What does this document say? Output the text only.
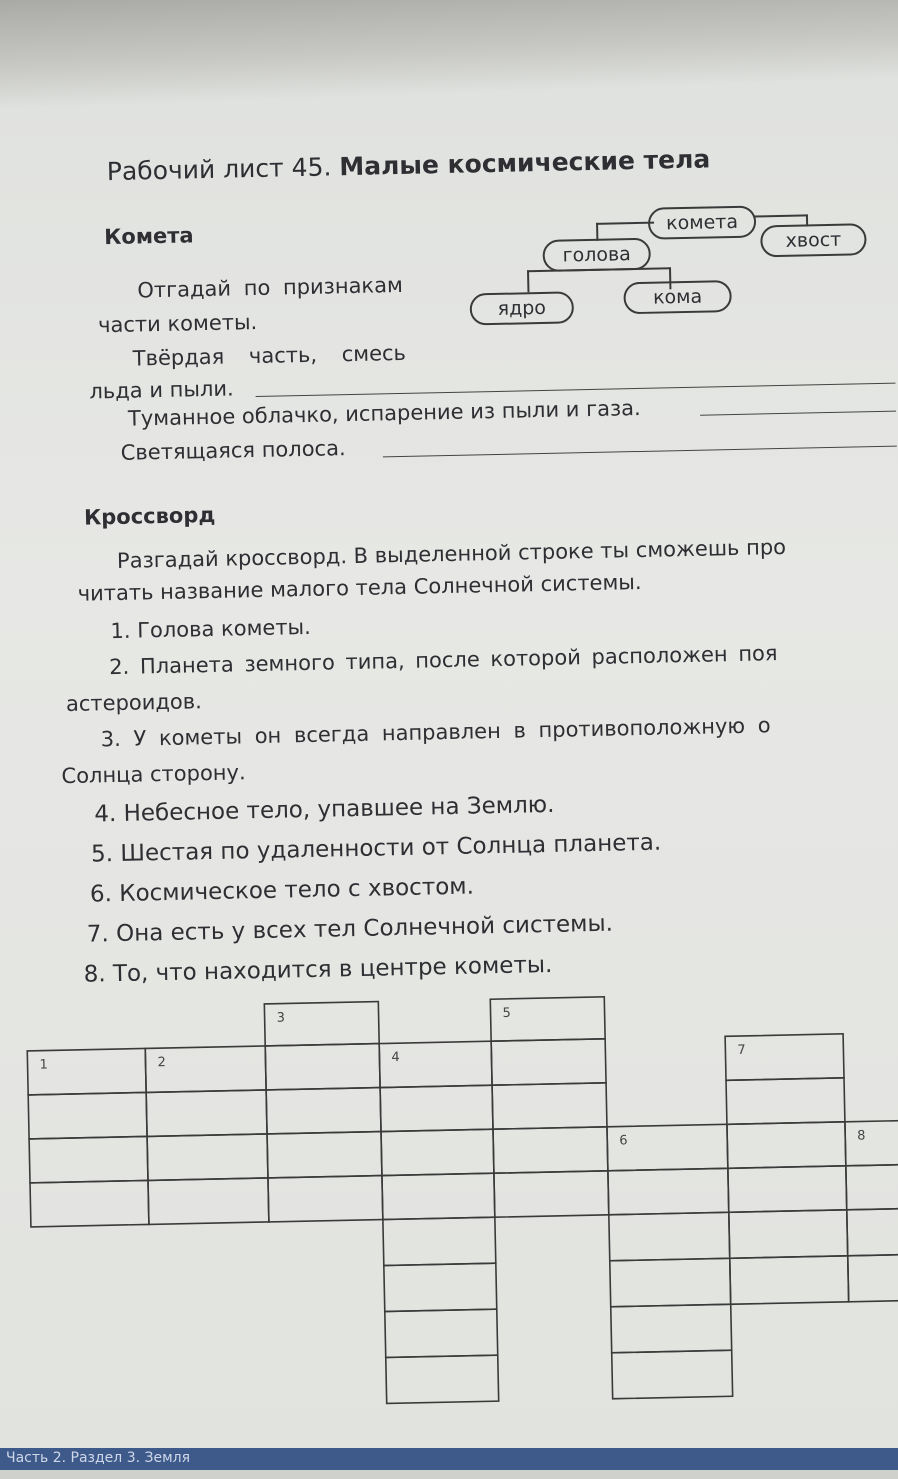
Рабочий лист 45. Малые космические тела
Комета
Отгадай по признакам
части кометы.
Твёрдая часть, смесь
льда и пыли.
Туманное облачко, испарение из пыли и газа.
Светящаяся полоса.
комета
голова
хвост
ядро	кома
Кроссворд
Разгадай кроссворд. В выделенной строке ты сможешь про
читать название малого тела Солнечной системы.
1. Голова кометы.
2. Планета земного типа, после которой расположен поя
астероидов.
3. У кометы он всегда направлен в противоположную о
Солнца сторону.
4. Небесное тело, упавшее на Землю.
5. Шестая по удаленности от Солнца планета.
6. Космическое тело с хвостом.
7. Она есть у всех тел Солнечной системы.
8. То, что находится в центре кометы.
1	2
3
4
5
6
7
8
Часть 2. Раздел 3. Земля
